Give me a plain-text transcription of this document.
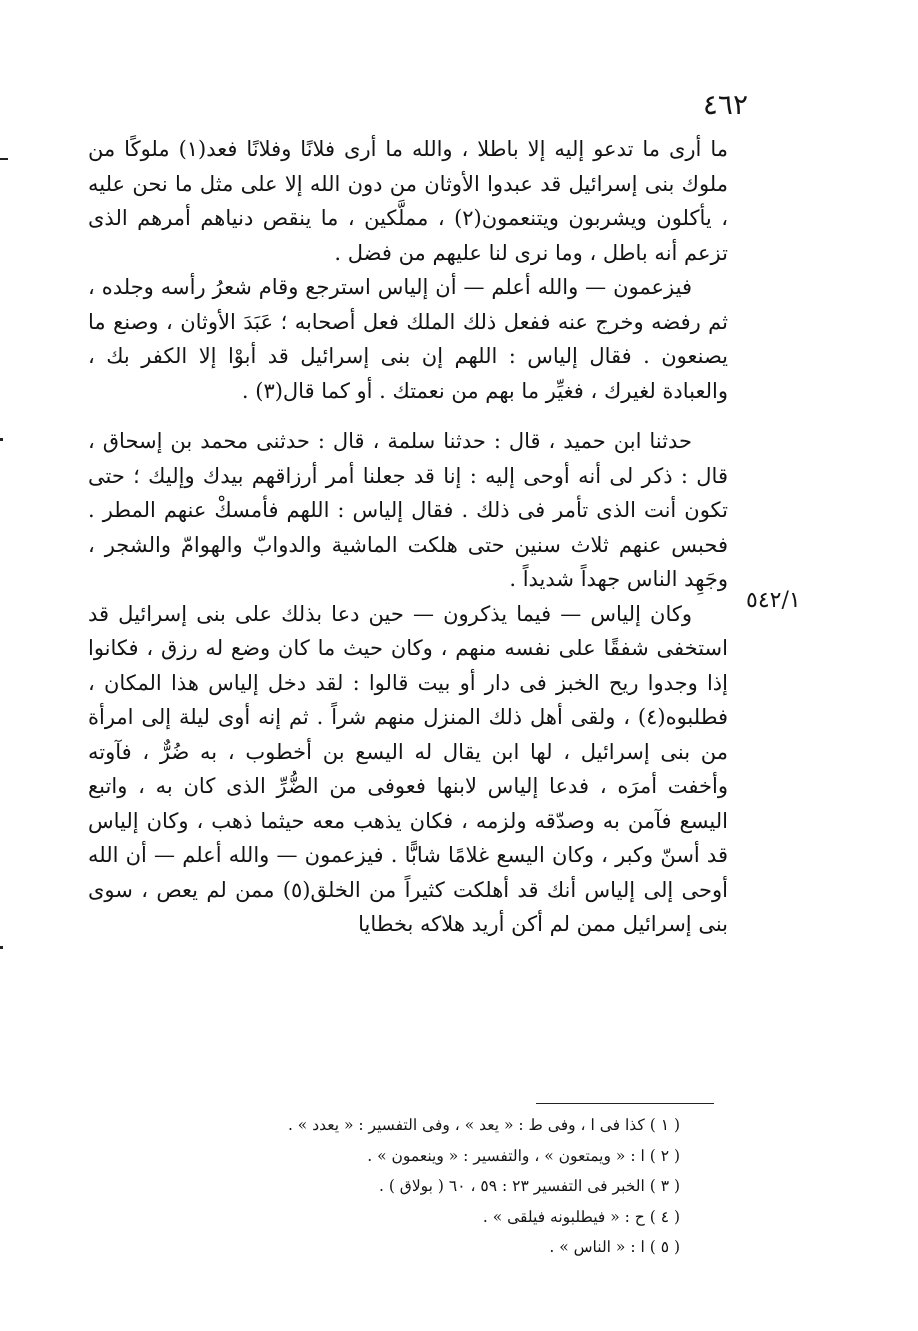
٤٦٢
٥٤٢/١

ما أرى ما تدعو إليه إلا باطلا ، والله ما أرى فلانًا وفلانًا فعد(١) ملوكًا من ملوك بنى إسرائيل قد عبدوا الأوثان من دون الله إلا على مثل ما نحن عليه ، يأكلون ويشربون ويتنعمون(٢) ، مملَّكين ، ما ينقص دنياهم أمرهم الذى تزعم أنه باطل ، وما نرى لنا عليهم من فضل .

فيزعمون — والله أعلم — أن إلياس استرجع وقام شعرُ رأسه وجلده ، ثم رفضه وخرج عنه ففعل ذلك الملك فعل أصحابه ؛ عَبَدَ الأوثان ، وصنع ما يصنعون . فقال إلياس : اللهم إن بنى إسرائيل قد أبوْا إلا الكفر بك ، والعبادة لغيرك ، فغيِّر ما بهم من نعمتك . أو كما قال(٣) .

حدثنا ابن حميد ، قال : حدثنا سلمة ، قال : حدثنى محمد بن إسحاق ، قال : ذكر لى أنه أوحى إليه : إنا قد جعلنا أمر أرزاقهم بيدك وإليك ؛ حتى تكون أنت الذى تأمر فى ذلك . فقال إلياس : اللهم فأمسكْ عنهم المطر . فحبس عنهم ثلاث سنين حتى هلكت الماشية والدوابّ والهوامّ والشجر ، وجَهِد الناس جهداً شديداً .

وكان إلياس — فيما يذكرون — حين دعا بذلك على بنى إسرائيل قد استخفى شفقًا على نفسه منهم ، وكان حيث ما كان وضع له رزق ، فكانوا إذا وجدوا ريح الخبز فى دار أو بيت قالوا : لقد دخل إلياس هذا المكان ، فطلبوه(٤) ، ولقى أهل ذلك المنزل منهم شراً . ثم إنه أوى ليلة إلى امرأة من بنى إسرائيل ، لها ابن يقال له اليسع بن أخطوب ، به ضُرٌّ ، فآوته وأخفت أمرَه ، فدعا إلياس لابنها فعوفى من الضُّرِّ الذى كان به ، واتبع اليسع فآمن به وصدّقه ولزمه ، فكان يذهب معه حيثما ذهب ، وكان إلياس قد أسنّ وكبر ، وكان اليسع غلامًا شابًّا . فيزعمون — والله أعلم — أن الله أوحى إلى إلياس أنك قد أهلكت كثيراً من الخلق(٥) ممن لم يعص ، سوى بنى إسرائيل ممن لم أكن أريد هلاكه بخطايا

( ١ ) كذا فى ا ، وفى ط : « يعد » ، وفى التفسير : « يعدد » .
( ٢ ) ا : « ويمتعون » ، والتفسير : « وينعمون » .
( ٣ ) الخبر فى التفسير ٢٣ : ٥٩ ، ٦٠ ( بولاق ) .
( ٤ ) ح : « فيطلبونه فيلقى » .
( ٥ ) ا : « الناس » .
